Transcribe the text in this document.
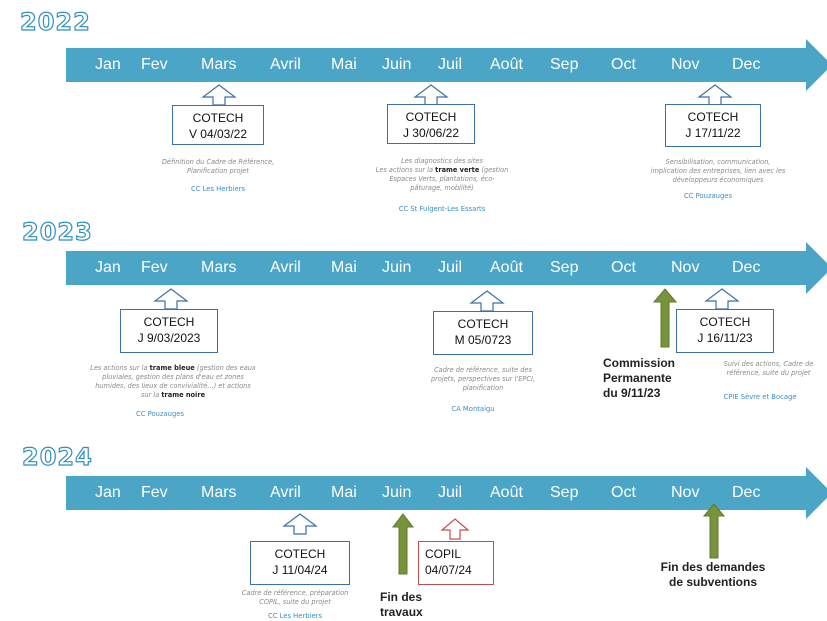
2022
Jan Fev Mars Avril Mai Juin Juil Août Sep Oct Nov Dec
COTECH
V 04/03/22
Définition du Cadre de Référence,
Planification projet
CC Les Herbiers
COTECH
J 30/06/22
Les diagnostics des sites
Les actions sur la trame verte (gestion
Espaces Verts, plantations, éco-
pâturage, mobilité)
CC St Fulgent-Les Essarts
COTECH
J 17/11/22
Sensibilisation, communication,
implication des entreprises, lien avec les
développeurs économiques
CC Pouzauges
2023
Jan Fev Mars Avril Mai Juin Juil Août Sep Oct Nov Dec
COTECH
J 9/03/2023
Les actions sur la trame bleue (gestion des eaux
pluviales, gestion des plans d'eau et zones
humides, des lieux de convivialité...) et actions
sur la trame noire
CC Pouzauges
COTECH
M 05/0723
Cadre de référence, suite des
projets, perspectives sur l'EPCI,
planification
CA Montaigu
Commission
Permanente
du 9/11/23
COTECH
J 16/11/23
Suivi des actions, Cadre de
référence, suite du projet
CPIE Sèvre et Bocage
2024
Jan Fev Mars Avril Mai Juin Juil Août Sep Oct Nov Dec
COTECH
J 11/04/24
Cadre de référence, préparation
COPIL, suite du projet
CC Les Herbiers
Fin des
travaux
COPIL
04/07/24	Fin des demandes
de subventions
